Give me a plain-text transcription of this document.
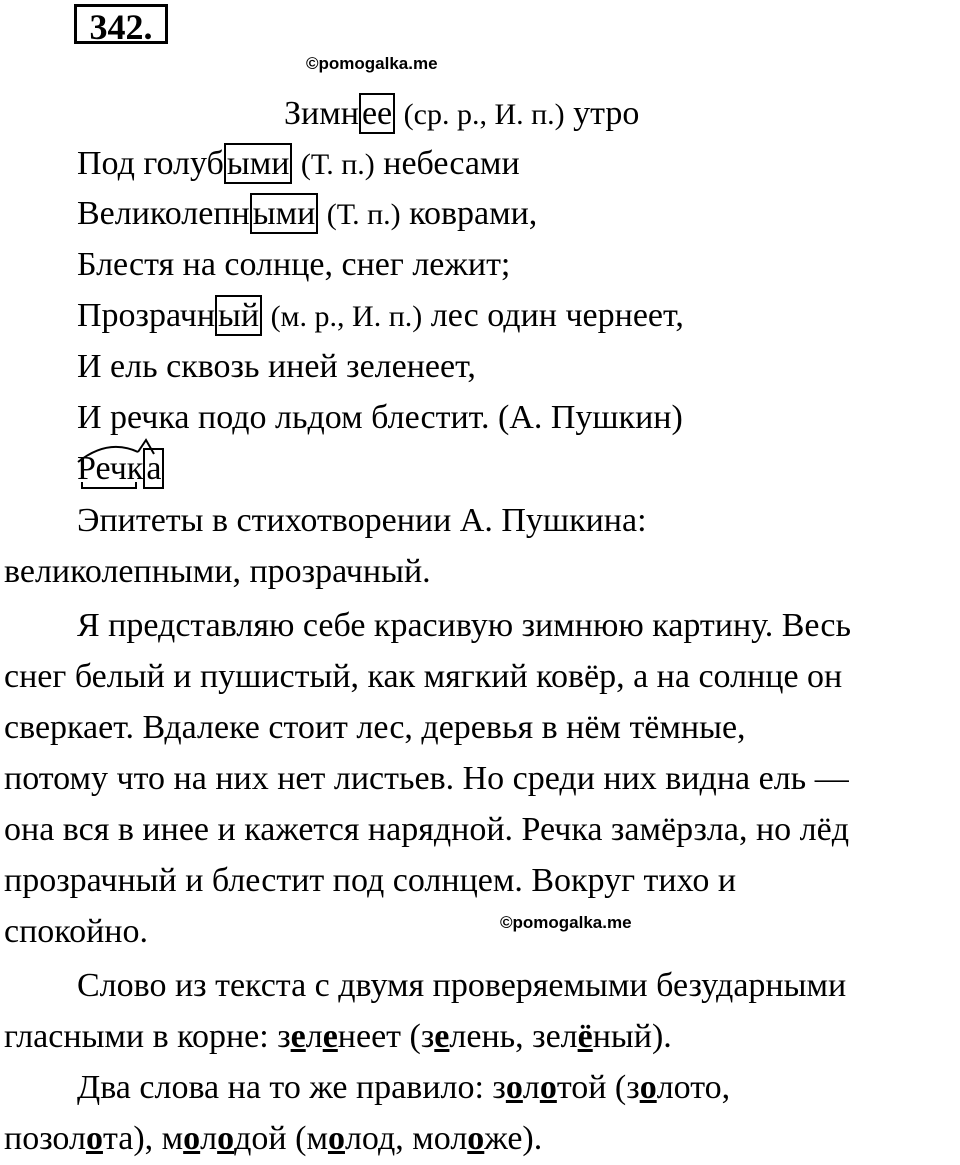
342.
©pomogalka.me
Зимнее (ср. р., И. п.) утро
Под голубыми (Т. п.) небесами
Великолепными (Т. п.) коврами,
Блестя на солнце, снег лежит;
Прозрачный (м. р., И. п.) лес один чернеет,
И ель сквозь иней зеленеет,
И речка подо льдом блестит. (А. Пушкин)
Речка
Эпитеты в стихотворении А. Пушкина:
великолепными, прозрачный.
Я представляю себе красивую зимнюю картину. Весь
снег белый и пушистый, как мягкий ковёр, а на солнце он
сверкает. Вдалеке стоит лес, деревья в нём тёмные,
потому что на них нет листьев. Но среди них видна ель —
она вся в инее и кажется нарядной. Речка замёрзла, но лёд
прозрачный и блестит под солнцем. Вокруг тихо и
спокойно.	©pomogalka.me
Слово из текста с двумя проверяемыми безударными
гласными в корне: зеленеет (зелень, зелёный).
Два слова на то же правило: золотой (золото,
позолота), молодой (молод, моложе).
